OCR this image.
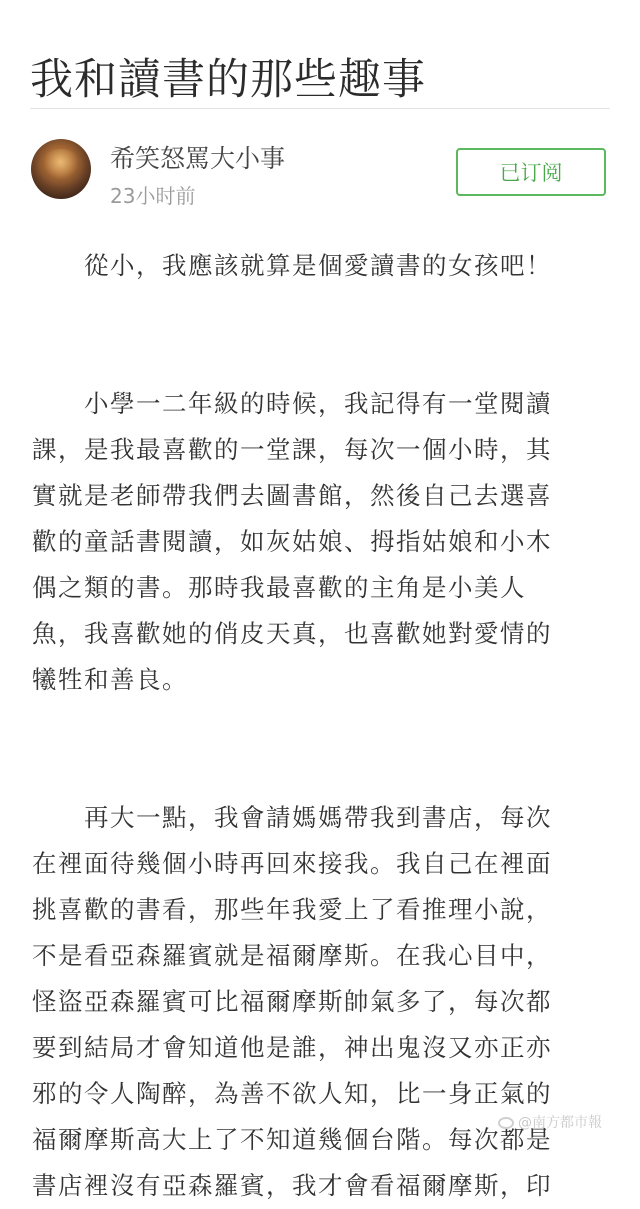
我和讀書的那些趣事
希笑怒罵大小事
23小时前
已订阅
　　從小，我應該就算是個愛讀書的女孩吧！
　　小學一二年級的時候，我記得有一堂閱讀
課，是我最喜歡的一堂課，每次一個小時，其
實就是老師帶我們去圖書館，然後自己去選喜
歡的童話書閱讀，如灰姑娘、拇指姑娘和小木
偶之類的書。那時我最喜歡的主角是小美人
魚，我喜歡她的俏皮天真，也喜歡她對愛情的
犧牲和善良。
　　再大一點，我會請媽媽帶我到書店，每次
在裡面待幾個小時再回來接我。我自己在裡面
挑喜歡的書看，那些年我愛上了看推理小說，
不是看亞森羅賓就是福爾摩斯。在我心目中，
怪盜亞森羅賓可比福爾摩斯帥氣多了，每次都
要到結局才會知道他是誰，神出鬼沒又亦正亦
邪的令人陶醉，為善不欲人知，比一身正氣的
福爾摩斯高大上了不知道幾個台階。每次都是
書店裡沒有亞森羅賓，我才會看福爾摩斯，印
@南方都市報
